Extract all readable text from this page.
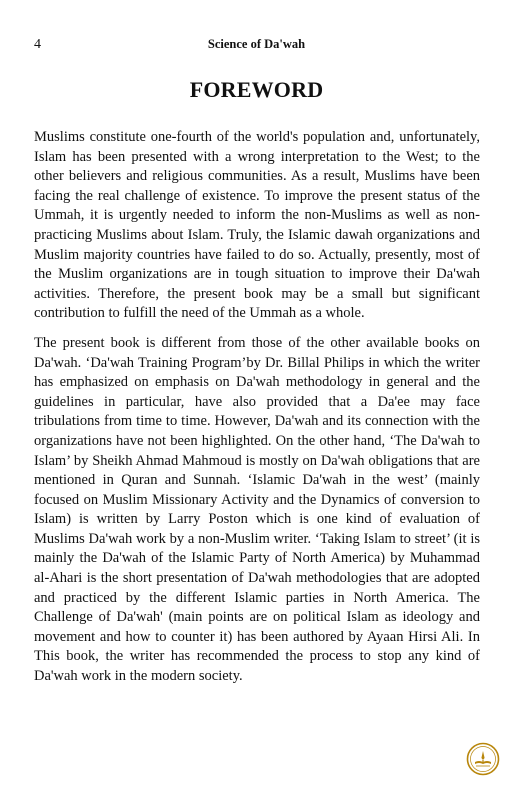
4	Science of Da'wah
FOREWORD

Muslims constitute one-fourth of the world's population and, unfortunately, Islam has been presented with a wrong interpretation to the West; to the other believers and religious communities. As a result, Muslims have been facing the real challenge of existence. To improve the present status of the Ummah, it is urgently needed to inform the non-Muslims as well as non-practicing Muslims about Islam. Truly, the Islamic dawah organizations and Muslim majority countries have failed to do so. Actually, presently, most of the Muslim organizations are in tough situation to improve their Da'wah activities. Therefore, the present book may be a small but significant contribution to fulfill the need of the Ummah as a whole.

The present book is different from those of the other available books on Da'wah. ‘Da'wah Training Program’by Dr. Billal Philips in which the writer has emphasized on emphasis on Da'wah methodology in general and the guidelines in particular, have also provided that a Da'ee may face tribulations from time to time. However, Da'wah and its connection with the organizations have not been highlighted. On the other hand, ‘The Da'wah to Islam’ by Sheikh Ahmad Mahmoud is mostly on Da'wah obligations that are mentioned in Quran and Sunnah. ‘Islamic Da'wah in the west’ (mainly focused on Muslim Missionary Activity and the Dynamics of conversion to Islam) is written by Larry Poston which is one kind of evaluation of Muslims Da'wah work by a non-Muslim writer. ‘Taking Islam to street’ (it is mainly the Da'wah of the Islamic Party of North America) by Muhammad al-Ahari is the short presentation of Da'wah methodologies that are adopted and practiced by the different Islamic parties in North America. The Challenge of Da'wah' (main points are on political Islam as ideology and movement and how to counter it) has been authored by Ayaan Hirsi Ali. In This book, the writer has recommended the process to stop any kind of Da'wah work in the modern society.
